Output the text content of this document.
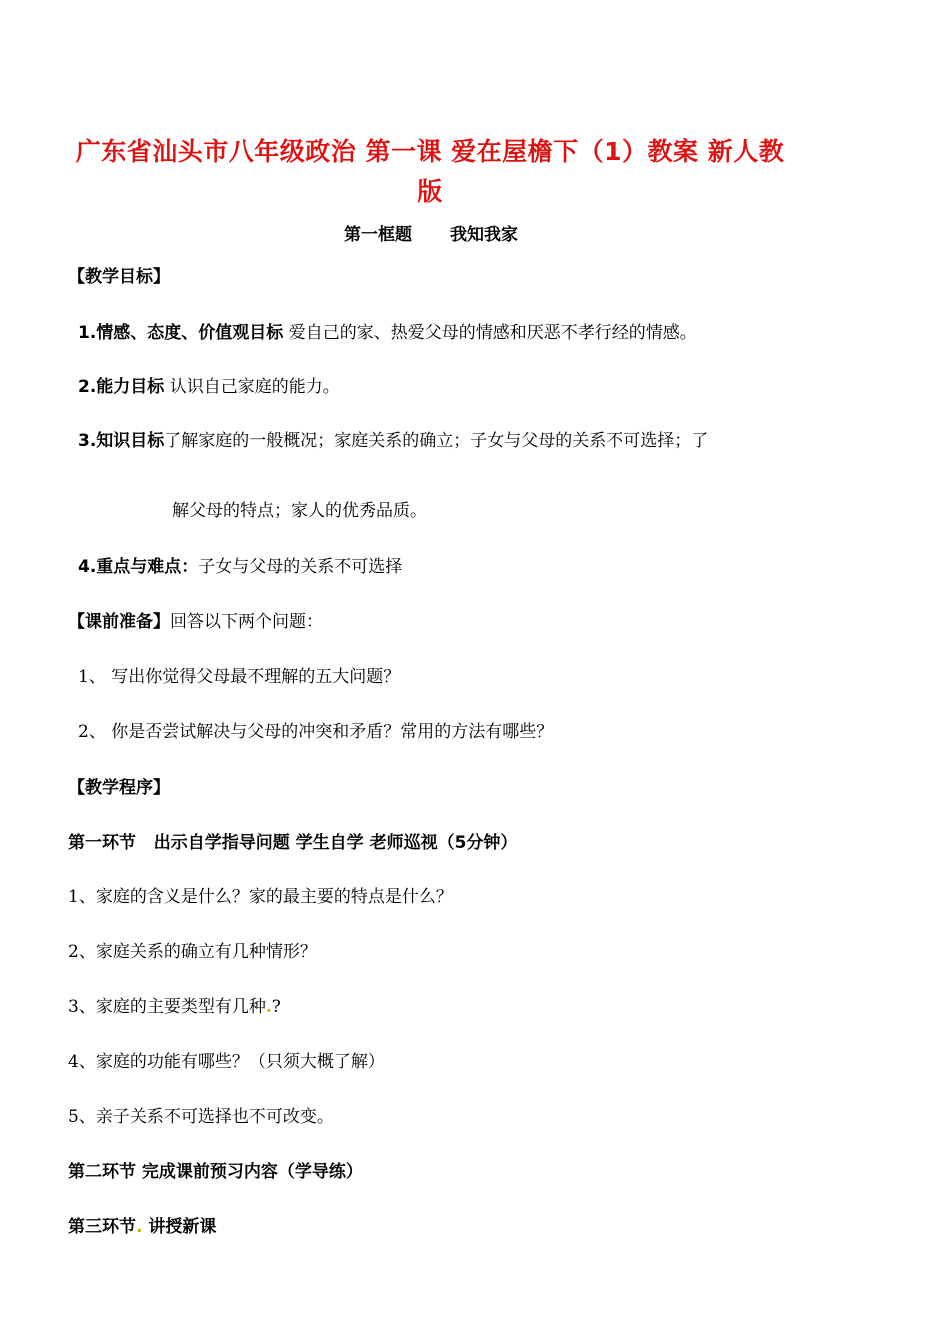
广东省汕头市八年级政治 第一课 爱在屋檐下（1）教案 新人教
版
第一框题 我知我家
【教学目标】
1.情感、态度、价值观目标 爱自己的家、热爱父母的情感和厌恶不孝行经的情感。
2.能力目标 认识自己家庭的能力。
3.知识目标了解家庭的一般概况；家庭关系的确立；子女与父母的关系不可选择；了
解父母的特点；家人的优秀品质。
4.重点与难点：子女与父母的关系不可选择
【课前准备】回答以下两个问题：
1、 写出你觉得父母最不理解的五大问题？
2、 你是否尝试解决与父母的冲突和矛盾？常用的方法有哪些？
【教学程序】
第一环节   出示自学指导问题 学生自学 老师巡视（5分钟）
1、家庭的含义是什么？家的最主要的特点是什么？
2、家庭关系的确立有几种情形？
3、家庭的主要类型有几种.?
4、家庭的功能有哪些？（只须大概了解）
5、亲子关系不可选择也不可改变。
第二环节 完成课前预习内容（学导练）
第三环节. 讲授新课
